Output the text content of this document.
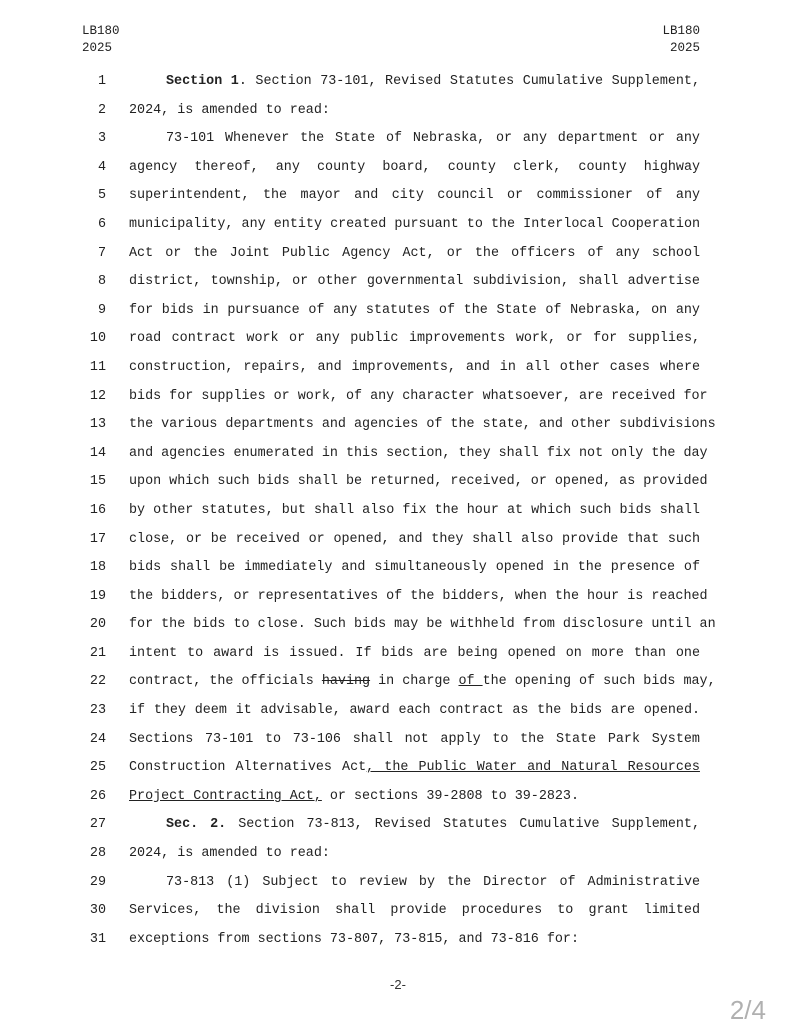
LB180
2025
LB180
2025
1	Section 1. Section 73-101, Revised Statutes Cumulative Supplement,
2 2024, is amended to read:
3	73-101 Whenever the State of Nebraska, or any department or any
4 agency thereof, any county board, county clerk, county highway
5 superintendent, the mayor and city council or commissioner of any
6 municipality, any entity created pursuant to the Interlocal Cooperation
7 Act or the Joint Public Agency Act, or the officers of any school
8 district, township, or other governmental subdivision, shall advertise
9 for bids in pursuance of any statutes of the State of Nebraska, on any
10 road contract work or any public improvements work, or for supplies,
11 construction, repairs, and improvements, and in all other cases where
12 bids for supplies or work, of any character whatsoever, are received for
13 the various departments and agencies of the state, and other subdivisions
14 and agencies enumerated in this section, they shall fix not only the day
15 upon which such bids shall be returned, received, or opened, as provided
16 by other statutes, but shall also fix the hour at which such bids shall
17 close, or be received or opened, and they shall also provide that such
18 bids shall be immediately and simultaneously opened in the presence of
19 the bidders, or representatives of the bidders, when the hour is reached
20 for the bids to close. Such bids may be withheld from disclosure until an
21 intent to award is issued. If bids are being opened on more than one
22 contract, the officials having in charge of the opening of such bids may,
23 if they deem it advisable, award each contract as the bids are opened.
24 Sections 73-101 to 73-106 shall not apply to the State Park System
25 Construction Alternatives Act, the Public Water and Natural Resources
26 Project Contracting Act, or sections 39-2808 to 39-2823.
27	Sec. 2. Section 73-813, Revised Statutes Cumulative Supplement,
28 2024, is amended to read:
29	73-813 (1) Subject to review by the Director of Administrative
30 Services, the division shall provide procedures to grant limited
31 exceptions from sections 73-807, 73-815, and 73-816 for:
-2-
2/4
